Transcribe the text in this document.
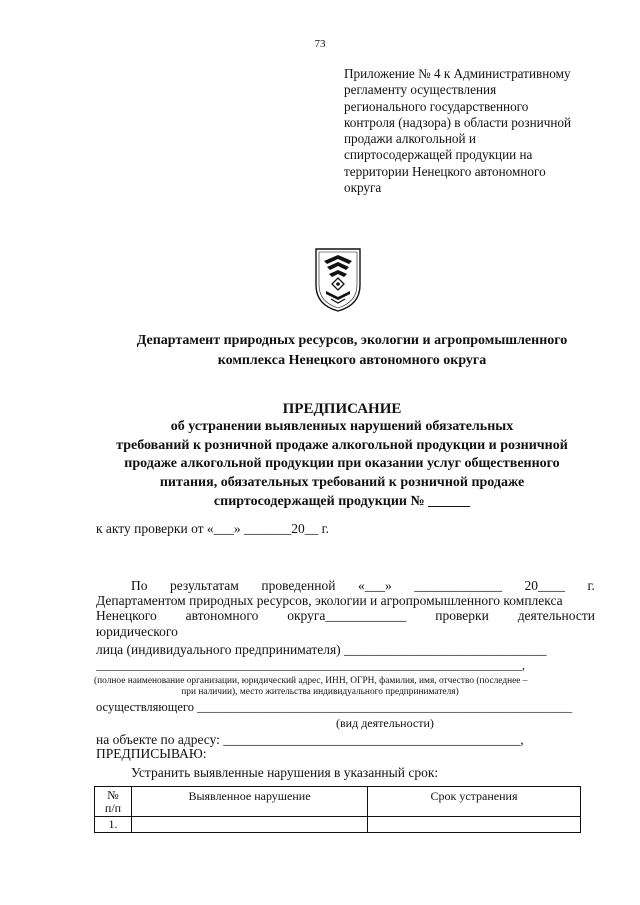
73
Приложение № 4 к Административному
регламенту осуществления
регионального государственного
контроля (надзора) в области розничной
продажи алкогольной и
спиртосодержащей продукции на
территории Ненецкого автономного
округа
Департамент природных ресурсов, экологии и агропромышленного
комплекса Ненецкого автономного округа
ПРЕДПИСАНИЕ
об устранении выявленных нарушений обязательных
требований к розничной продаже алкогольной продукции и розничной
продаже алкогольной продукции при оказании услуг общественного
питания, обязательных требований к розничной продаже
спиртосодержащей продукции № ______
к акту проверки от «___» _______20__ г.
По результатам проведенной «___» _____________ 20____ г.
Департаментом природных ресурсов, экологии и агропромышленного комплекса
Ненецкого автономного округа____________ проверки деятельности
юридического
лица (индивидуального предпринимателя) ______________________________
_______________________________________________________________________,
(полное наименование организации, юридический адрес, ИНН, ОГРН, фамилия, имя, отчество (последнее –
при наличии), место жительства индивидуального предпринимателя)
осуществляющего ____________________________________________________________
(вид деятельности)
на объекте по адресу: ____________________________________________,
ПРЕДПИСЫВАЮ:
Устранить выявленные нарушения в указанный срок:
№
п/п	Выявленное нарушение	Срок устранения
1.		
